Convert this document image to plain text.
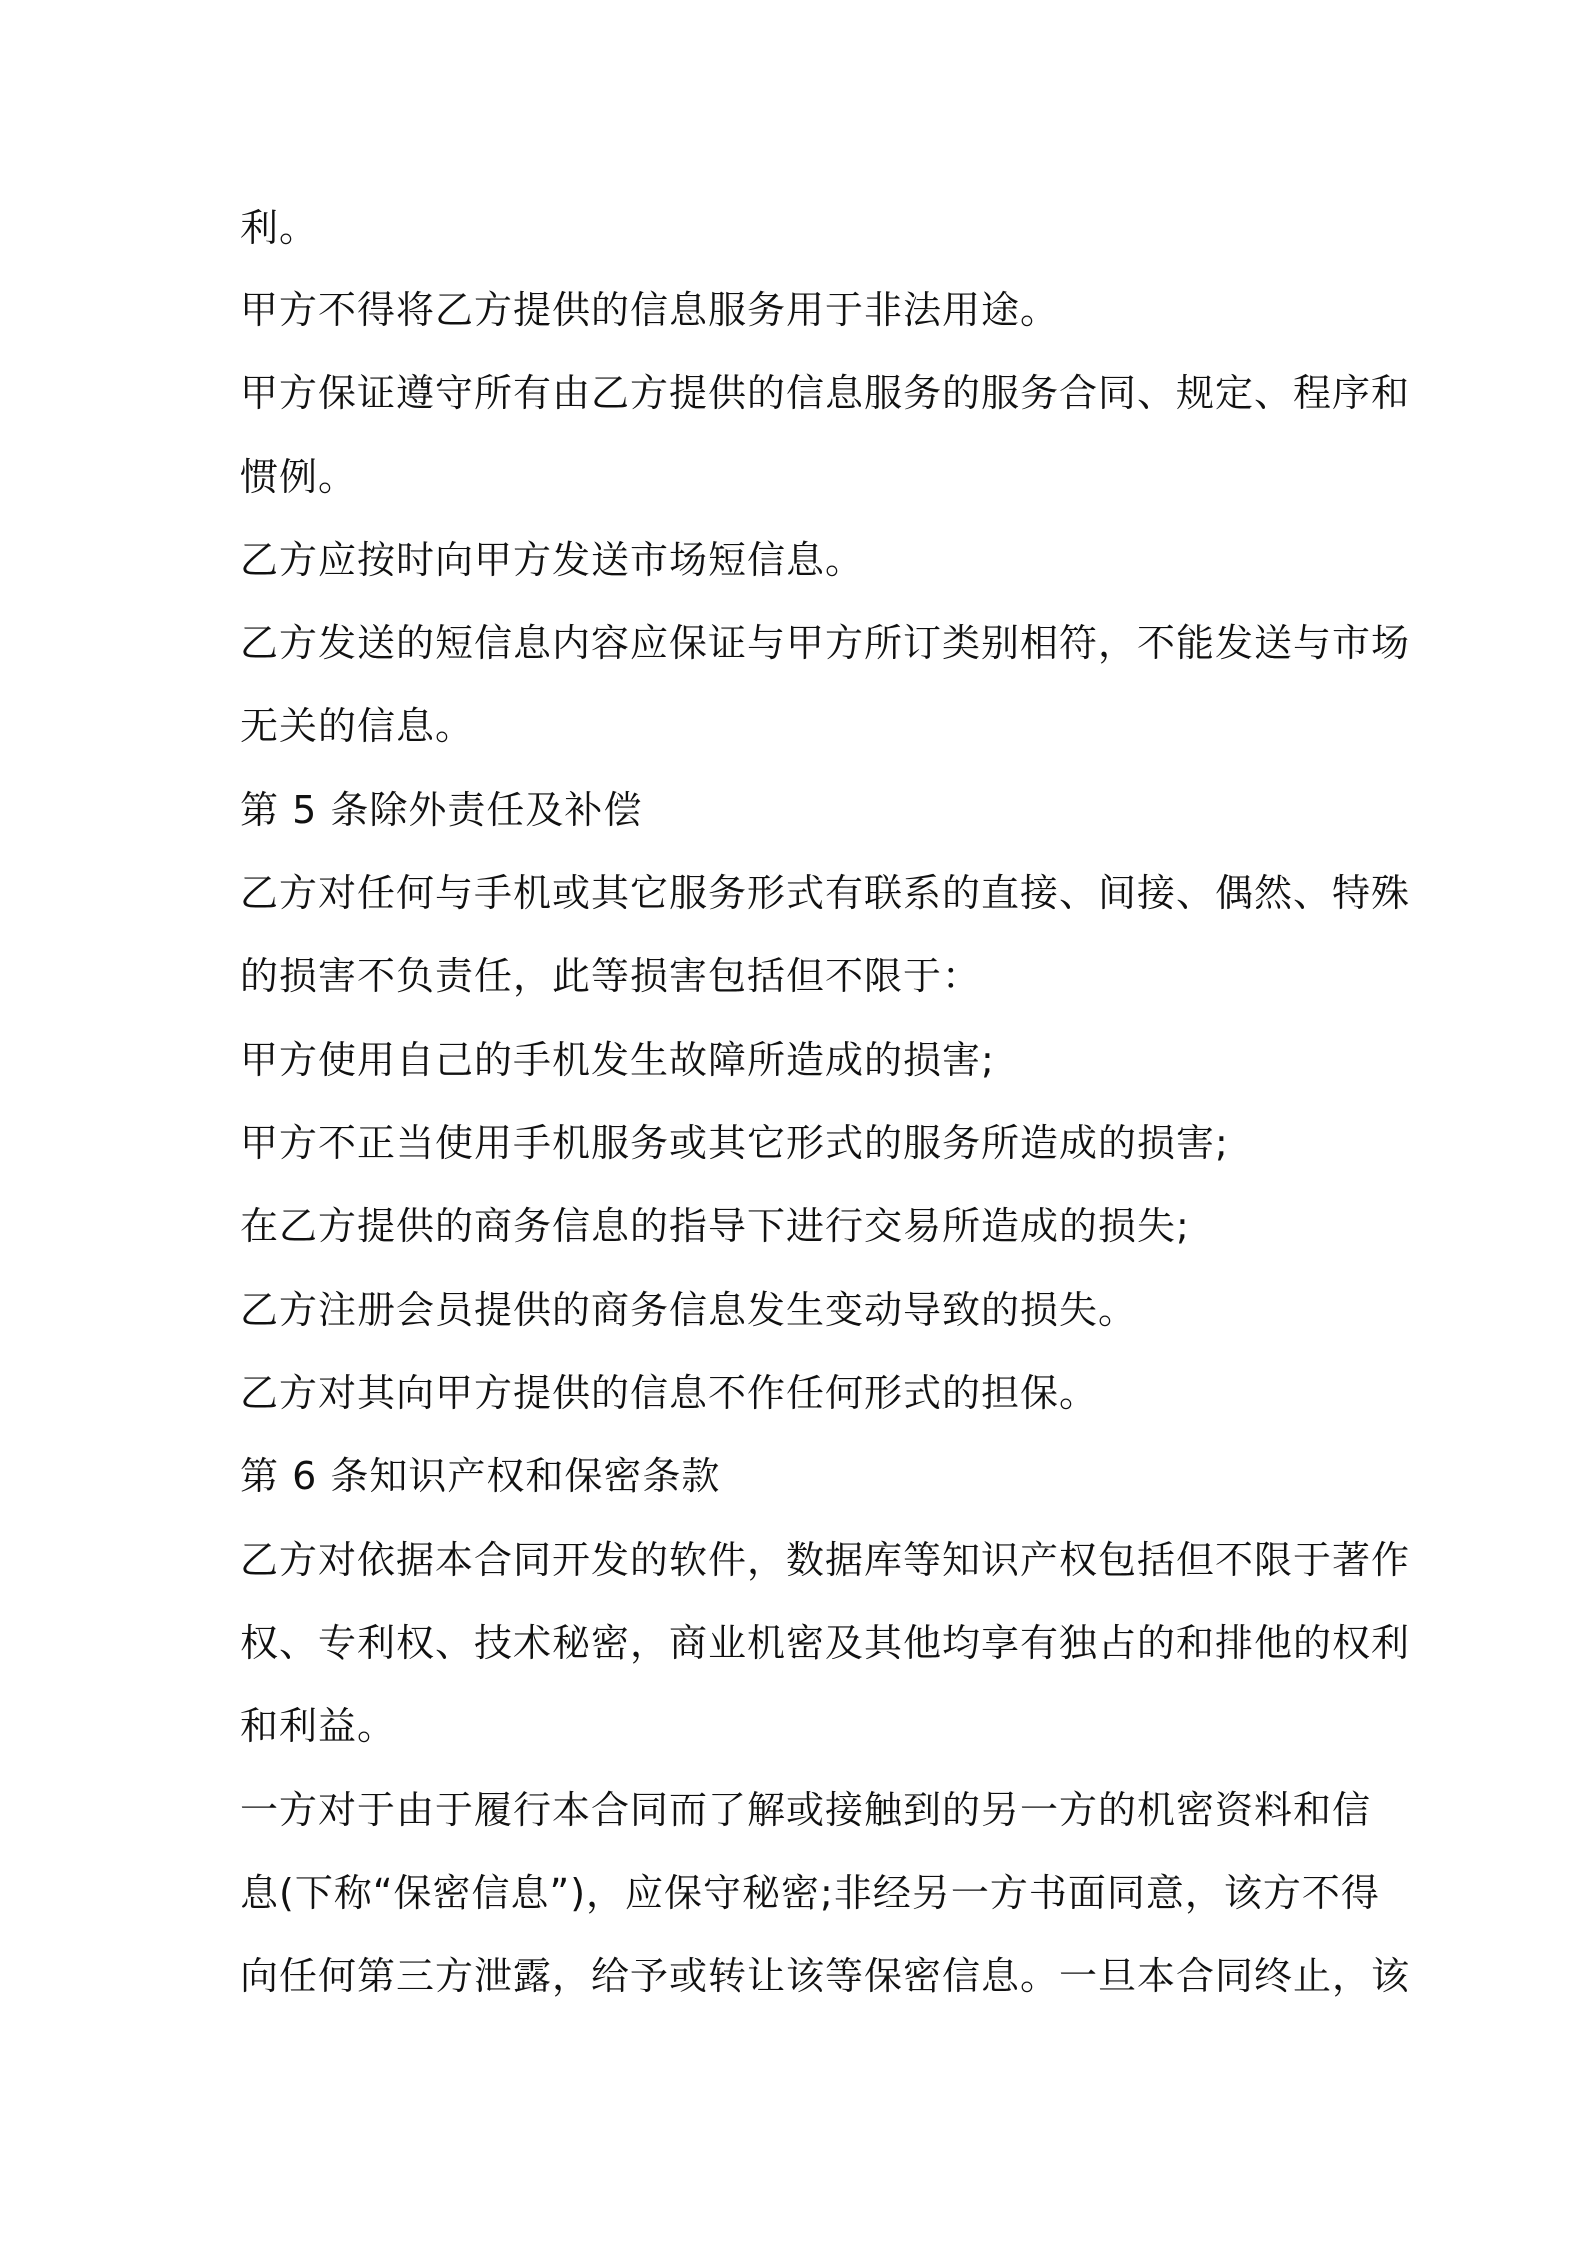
利。
甲方不得将乙方提供的信息服务用于非法用途。
甲方保证遵守所有由乙方提供的信息服务的服务合同、规定、程序和
惯例。
乙方应按时向甲方发送市场短信息。
乙方发送的短信息内容应保证与甲方所订类别相符，不能发送与市场
无关的信息。
第 5 条除外责任及补偿
乙方对任何与手机或其它服务形式有联系的直接、间接、偶然、特殊
的损害不负责任，此等损害包括但不限于：
甲方使用自己的手机发生故障所造成的损害;
甲方不正当使用手机服务或其它形式的服务所造成的损害;
在乙方提供的商务信息的指导下进行交易所造成的损失;
乙方注册会员提供的商务信息发生变动导致的损失。
乙方对其向甲方提供的信息不作任何形式的担保。
第 6 条知识产权和保密条款
乙方对依据本合同开发的软件，数据库等知识产权包括但不限于著作
权、专利权、技术秘密，商业机密及其他均享有独占的和排他的权利
和利益。
一方对于由于履行本合同而了解或接触到的另一方的机密资料和信
息(下称“保密信息”)，应保守秘密;非经另一方书面同意，该方不得
向任何第三方泄露，给予或转让该等保密信息。一旦本合同终止，该
